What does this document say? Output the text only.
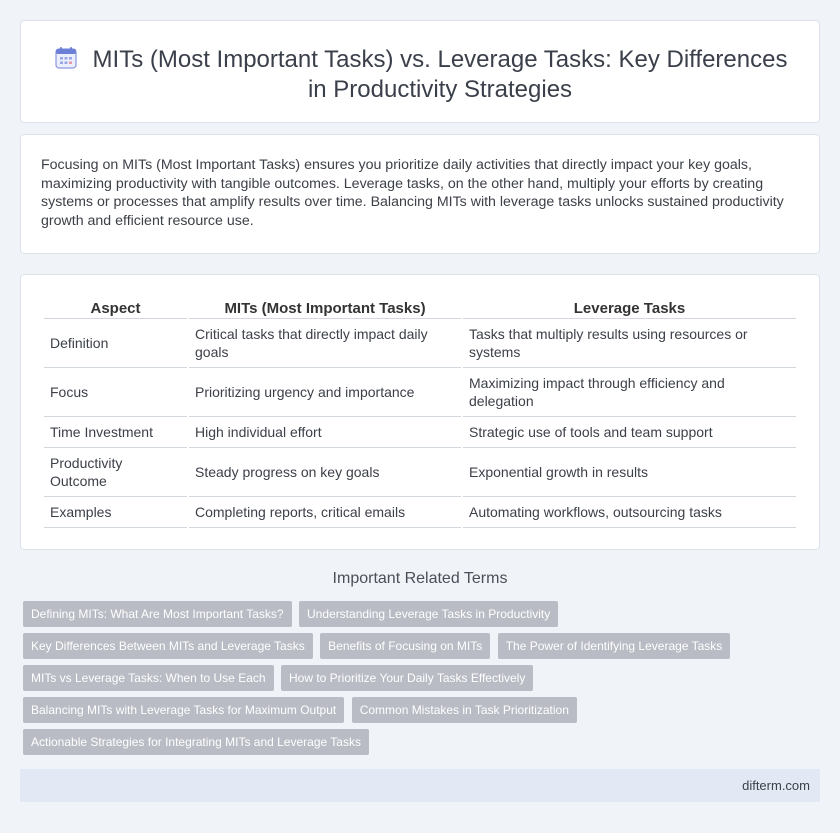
MITs (Most Important Tasks) vs. Leverage Tasks: Key Differences in Productivity Strategies

Focusing on MITs (Most Important Tasks) ensures you prioritize daily activities that directly impact your key goals, maximizing productivity with tangible outcomes. Leverage tasks, on the other hand, multiply your efforts by creating systems or processes that amplify results over time. Balancing MITs with leverage tasks unlocks sustained productivity growth and efficient resource use.

Aspect	MITs (Most Important Tasks)	Leverage Tasks
Definition	Critical tasks that directly impact daily goals	Tasks that multiply results using resources or systems
Focus	Prioritizing urgency and importance	Maximizing impact through efficiency and delegation
Time Investment	High individual effort	Strategic use of tools and team support
Productivity Outcome	Steady progress on key goals	Exponential growth in results
Examples	Completing reports, critical emails	Automating workflows, outsourcing tasks
Important Related Terms
Defining MITs: What Are Most Important Tasks? Understanding Leverage Tasks in Productivity
Key Differences Between MITs and Leverage Tasks Benefits of Focusing on MITs The Power of Identifying Leverage Tasks
MITs vs Leverage Tasks: When to Use Each How to Prioritize Your Daily Tasks Effectively
Balancing MITs with Leverage Tasks for Maximum Output Common Mistakes in Task Prioritization
Actionable Strategies for Integrating MITs and Leverage Tasks
difterm.com
